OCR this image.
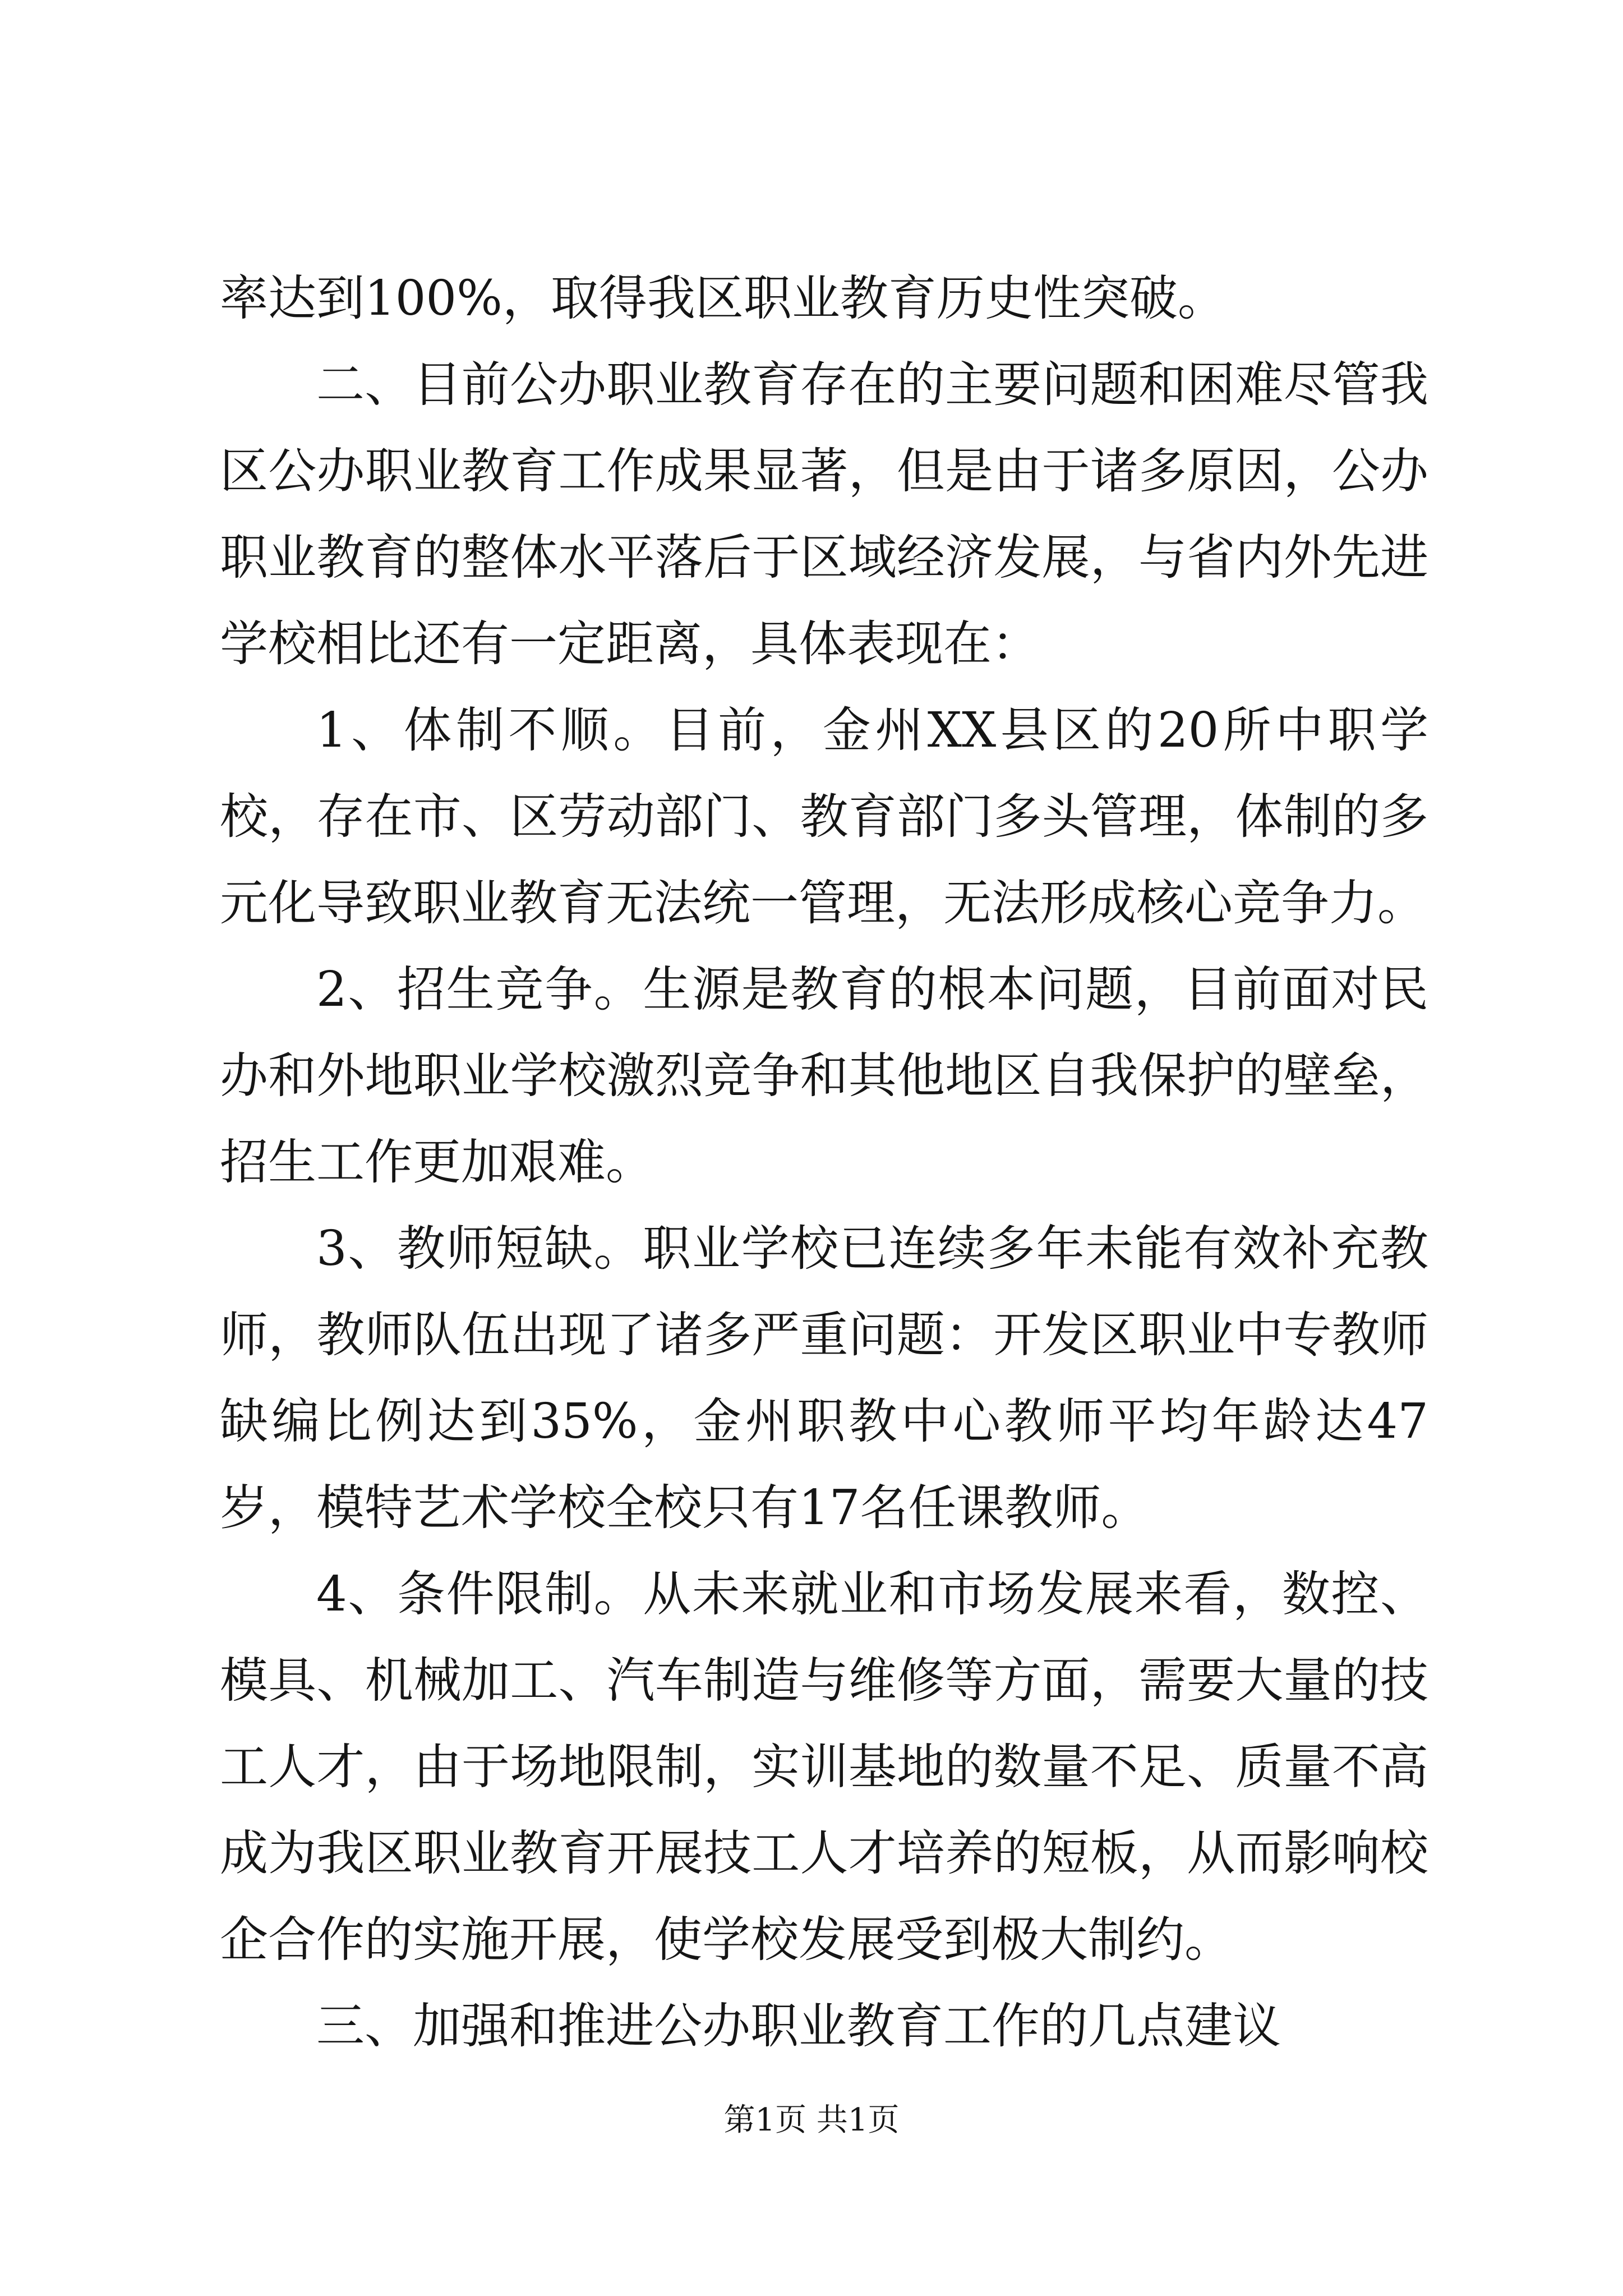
率达到100%，取得我区职业教育历史性突破。

二、目前公办职业教育存在的主要问题和困难尽管我区公办职业教育工作成果显著，但是由于诸多原因，公办职业教育的整体水平落后于区域经济发展，与省内外先进学校相比还有一定距离，具体表现在：

1、体制不顺。目前，金州XX县区的20所中职学校，存在市、区劳动部门、教育部门多头管理，体制的多元化导致职业教育无法统一管理，无法形成核心竞争力。

2、招生竞争。生源是教育的根本问题，目前面对民办和外地职业学校激烈竞争和其他地区自我保护的壁垒，招生工作更加艰难。

3、教师短缺。职业学校已连续多年未能有效补充教师，教师队伍出现了诸多严重问题：开发区职业中专教师缺编比例达到35%，金州职教中心教师平均年龄达47岁，模特艺术学校全校只有17名任课教师。

4、条件限制。从未来就业和市场发展来看，数控、模具、机械加工、汽车制造与维修等方面，需要大量的技工人才，由于场地限制，实训基地的数量不足、质量不高成为我区职业教育开展技工人才培养的短板，从而影响校企合作的实施开展，使学校发展受到极大制约。

三、加强和推进公办职业教育工作的几点建议

第1页 共1页
